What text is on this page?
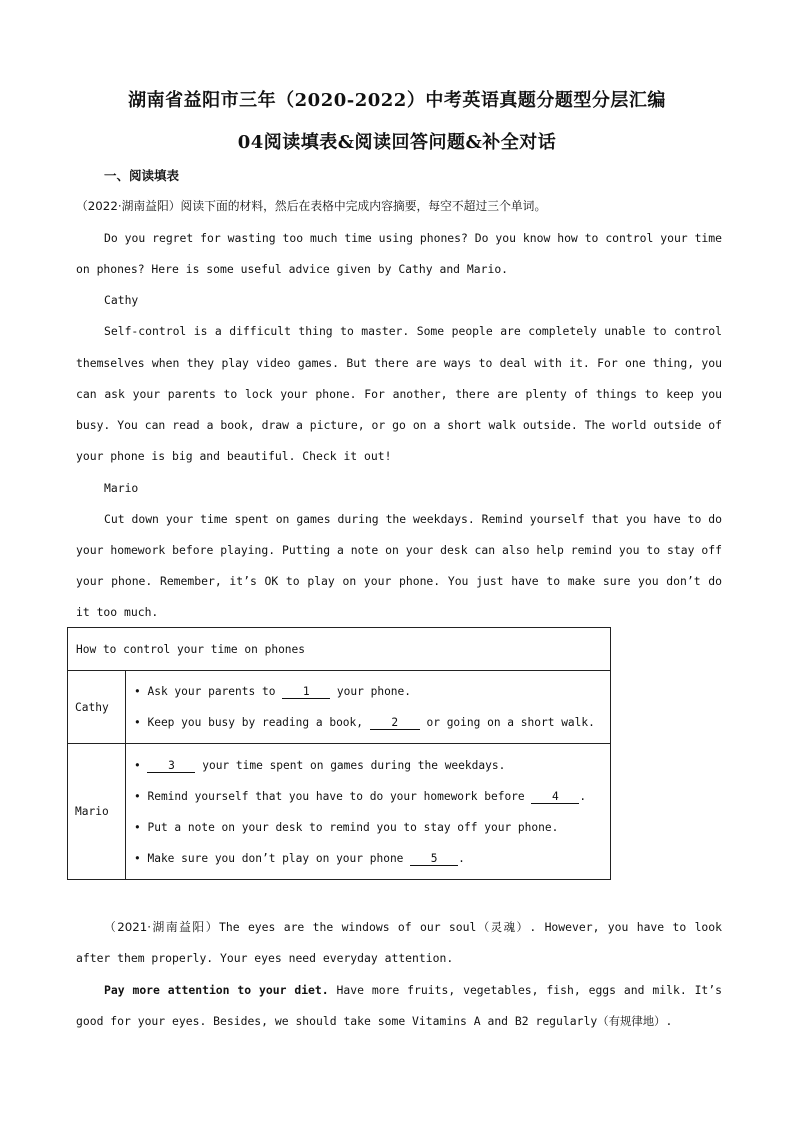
湖南省益阳市三年（2020-2022）中考英语真题分题型分层汇编
04阅读填表&阅读回答问题&补全对话
一、阅读填表
（2022·湖南益阳）阅读下面的材料，然后在表格中完成内容摘要，每空不超过三个单词。
Do you regret for wasting too much time using phones? Do you know how to control your time
on phones? Here is some useful advice given by Cathy and Mario.
Cathy
Self-control is a difficult thing to master. Some people are completely unable to control
themselves when they play video games. But there are ways to deal with it. For one thing, you
can ask your parents to lock your phone. For another, there are plenty of things to keep you
busy. You can read a book, draw a picture, or go on a short walk outside. The world outside of
your phone is big and beautiful. Check it out!
Mario
Cut down your time spent on games during the weekdays. Remind yourself that you have to do
your homework before playing. Putting a note on your desk can also help remind you to stay off
your phone. Remember, it’s OK to play on your phone. You just have to make sure you don’t do
it too much.
How to control your time on phones	
Cathy	• Ask your parents to 1 your phone.
• Keep you busy by reading a book, 2 or going on a short walk.

Mario	• 3 your time spent on games during the weekdays.
• Remind yourself that you have to do your homework before 4 .
• Put a note on your desk to remind you to stay off your phone.
• Make sure you don’t play on your phone 5 .
（2021·湖南益阳）The eyes are the windows of our soul（灵魂）. However, you have to look
after them properly. Your eyes need everyday attention.
Pay more attention to your diet. Have more fruits, vegetables, fish, eggs and milk. It’s
good for your eyes. Besides, we should take some Vitamins A and B2 regularly（有规律地）.
